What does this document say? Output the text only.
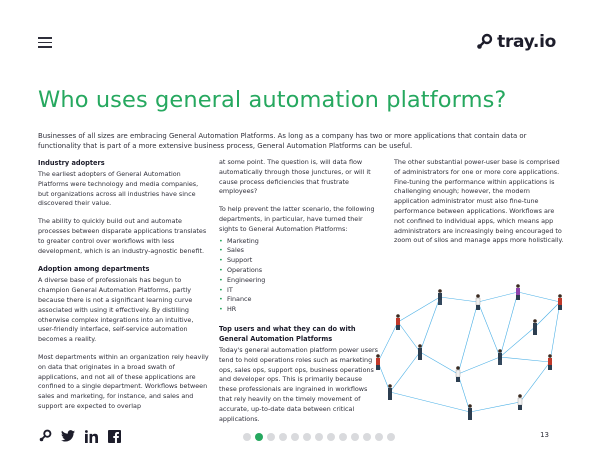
tray.io
Who uses general automation platforms?

Businesses of all sizes are embracing General Automation Platforms. As long as a company has two or more applications that contain data or functionality that is part of a more extensive business process, General Automation Platforms can be useful.

Industry adopters

The earliest adopters of General Automation Platforms were technology and media companies, but organizations across all industries have since discovered their value.

The ability to quickly build out and automate processes between disparate applications translates to greater control over workflows with less development, which is an industry-agnostic benefit.

Adoption among departments

A diverse base of professionals has begun to champion General Automation Platforms, partly because there is not a significant learning curve associated with using it effectively. By distilling otherwise complex integrations into an intuitive, user-friendly interface, self-service automation becomes a reality.

Most departments within an organization rely heavily on data that originates in a broad swath of applications, and not all of these applications are confined to a single department. Workflows between sales and marketing, for instance, and sales and support are expected to overlap

at some point. The question is, will data flow automatically through those junctures, or will it cause process deficiencies that frustrate employees?

To help prevent the latter scenario, the following departments, in particular, have turned their sights to General Automation Platforms:

• Marketing
• Sales
• Support
• Operations
• Engineering
• IT
• Finance
• HR
Top users and what they can do with General Automation Platforms

Today's general automation platform power users tend to hold operations roles such as marketing ops, sales ops, support ops, business operations and developer ops. This is primarily because these professionals are ingrained in workflows that rely heavily on the timely movement of accurate, up-to-date data between critical applications.

The other substantial power-user base is comprised of administrators for one or more core applications. Fine-tuning the performance within applications is challenging enough; however, the modern application administrator must also fine-tune performance between applications. Workflows are not confined to individual apps, which means app administrators are increasingly being encouraged to zoom out of silos and manage apps more holistically.

13
